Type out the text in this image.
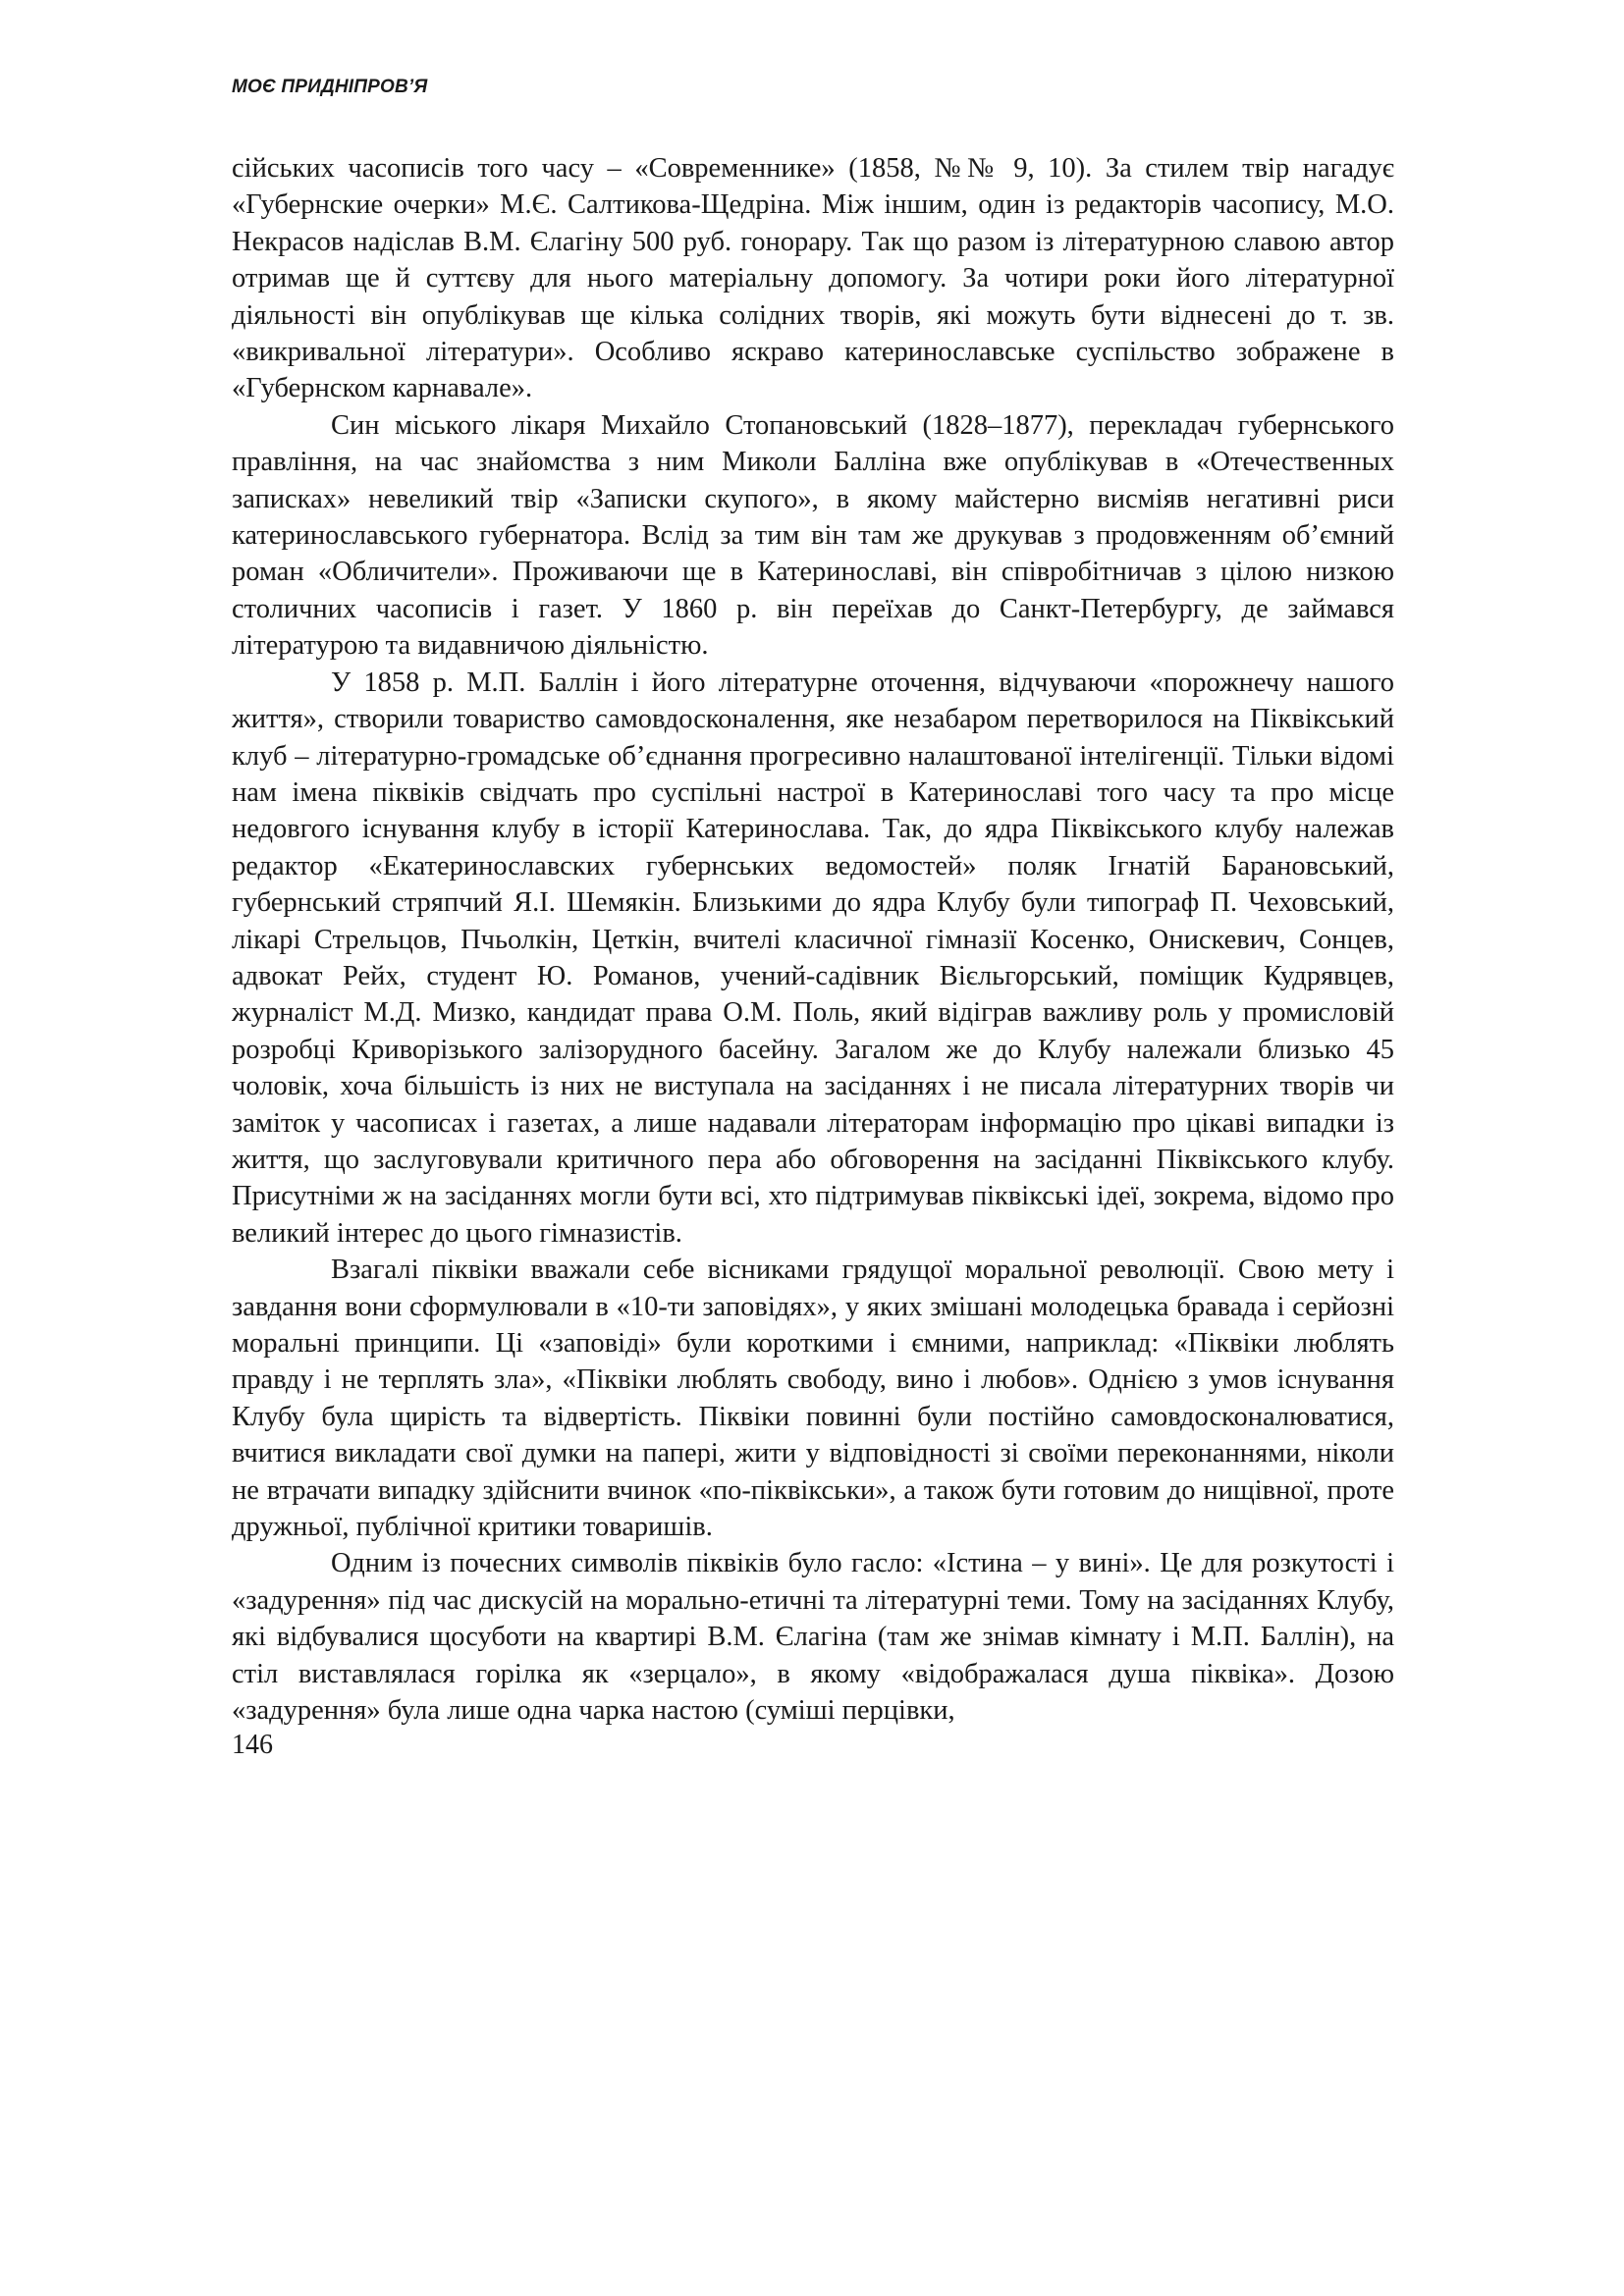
МОЄ ПРИДНІПРОВ’Я

сійських часописів того часу – «Современнике» (1858, №№ 9, 10). За стилем твір нагадує «Губернские очерки» М.Є. Салтикова-Щедріна. Між іншим, один із редакторів часопису, М.О. Некрасов надіслав В.М. Єлагіну 500 руб. гонорару. Так що разом із літературною славою автор отримав ще й суттєву для нього матеріальну допомогу. За чотири роки його літературної діяльності він опублікував ще кілька солідних творів, які можуть бути віднесені до т. зв. «викривальної літератури». Особливо яскраво катеринославське суспільство зображене в «Губернском карнавале».

Син міського лікаря Михайло Стопановський (1828–1877), перекладач губернського правління, на час знайомства з ним Миколи Балліна вже опублікував в «Отечественных записках» невеликий твір «Записки скупого», в якому майстерно висміяв негативні риси катеринославського губернатора. Вслід за тим він там же друкував з продовженням об’ємний роман «Обличители». Проживаючи ще в Катеринославі, він співробітничав з цілою низкою столичних часописів і газет. У 1860 р. він переїхав до Санкт-Петербургу, де займався літературою та видавничою діяльністю.

У 1858 р. М.П. Баллін і його літературне оточення, відчуваючи «порожнечу нашого життя», створили товариство самовдосконалення, яке незабаром перетворилося на Піквікський клуб – літературно-громадське об’єднання прогресивно налаштованої інтелігенції. Тільки відомі нам імена піквіків свідчать про суспільні настрої в Катеринославі того часу та про місце недовгого існування клубу в історії Катеринослава. Так, до ядра Піквікського клубу належав редактор «Екатеринославских губернських ведомостей» поляк Ігнатій Барановський, губернський стряпчий Я.І. Шемякін. Близькими до ядра Клубу були типограф П. Чеховський, лікарі Стрельцов, Пчьолкін, Цеткін, вчителі класичної гімназії Косенко, Онискевич, Сонцев, адвокат Рейх, студент Ю. Романов, учений-садівник Вієльгорський, поміщик Кудрявцев, журналіст М.Д. Мизко, кандидат права О.М. Поль, який відіграв важливу роль у промисловій розробці Криворізького залізорудного басейну. Загалом же до Клубу належали близько 45 чоловік, хоча більшість із них не виступала на засіданнях і не писала літературних творів чи заміток у часописах і газетах, а лише надавали літераторам інформацію про цікаві випадки із життя, що заслуговували критичного пера або обговорення на засіданні Піквікського клубу. Присутніми ж на засіданнях могли бути всі, хто підтримував піквікські ідеї, зокрема, відомо про великий інтерес до цього гімназистів.

Взагалі піквіки вважали себе вісниками грядущої моральної революції. Свою мету і завдання вони сформулювали в «10-ти заповідях», у яких змішані молодецька бравада і серйозні моральні принципи. Ці «заповіді» були короткими і ємними, наприклад: «Піквіки люблять правду і не терплять зла», «Піквіки люблять свободу, вино і любов». Однією з умов існування Клубу була щирість та відвертість. Піквіки повинні були постійно самовдосконалюватися, вчитися викладати свої думки на папері, жити у відповідності зі своїми переконаннями, ніколи не втрачати випадку здійснити вчинок «по-піквікськи», а також бути готовим до нищівної, проте дружньої, публічної критики товаришів.

Одним із почесних символів піквіків було гасло: «Істина – у вині». Це для розкутості і «задурення» під час дискусій на морально-етичні та літературні теми. Тому на засіданнях Клубу, які відбувалися щосуботи на квартирі В.М. Єлагіна (там же знімав кімнату і М.П. Баллін), на стіл виставлялася горілка як «зерцало», в якому «відображалася душа піквіка». Дозою «задурення» була лише одна чарка настою (суміші перцівки,

146
